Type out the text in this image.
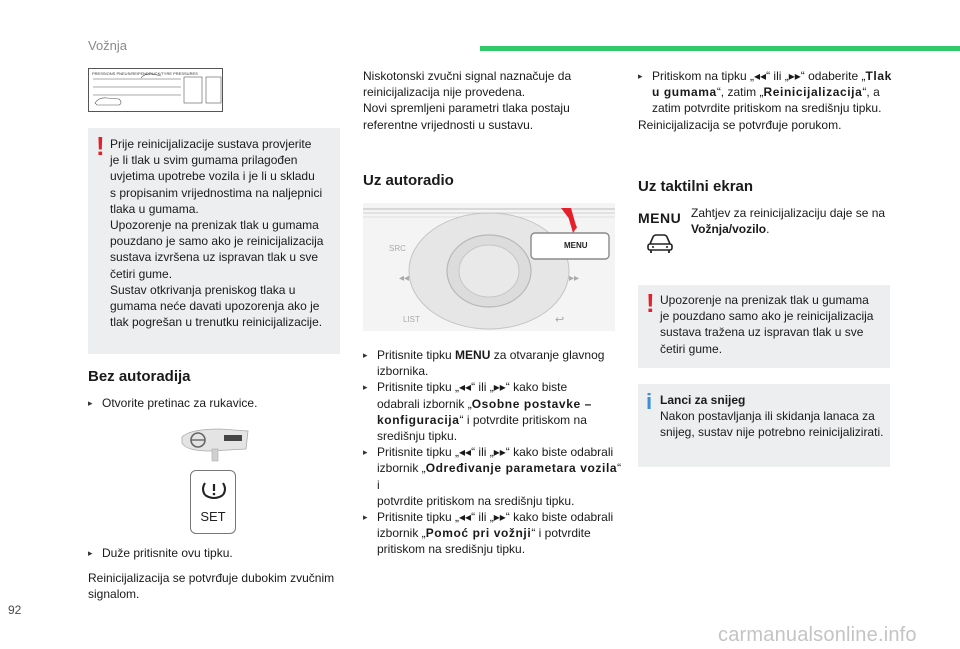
Vožnja
PRESSIONS PNEUS/REIFENDRUCK/TYRE PRESSURES
! Prije reinicijalizacije sustava provjerite
je li tlak u svim gumama prilagođen
uvjetima upotrebe vozila i je li u skladu
s propisanim vrijednostima na naljepnici
tlaka u gumama.
Upozorenje na prenizak tlak u gumama
pouzdano je samo ako je reinicijalizacija
sustava izvršena uz ispravan tlak u sve
četiri gume.
Sustav otkrivanja preniskog tlaka u
gumama neće davati upozorenja ako je
tlak pogrešan u trenutku reinicijalizacije.
Bez autoradija
▸ Otvorite pretinac za rukavice.
SET
▸ Duže pritisnite ovu tipku.
Reinicijalizacija se potvrđuje dubokim zvučnim
signalom.
Niskotonski zvučni signal naznačuje da
reinicijalizacija nije provedena.
Novi spremljeni parametri tlaka postaju
referentne vrijednosti u sustavu.
Uz autoradio
◂◂	▸▸
↩
MENU
SRC
LIST
▸ Pritisnite tipku MENU za otvaranje glavnog
izbornika.
▸ Pritisnite tipku „◂◂“ ili „▸▸“ kako biste
odabrali izbornik „Osobne postavke –
konfiguracija“ i potvrdite pritiskom na
središnju tipku.
▸ Pritisnite tipku „◂◂“ ili „▸▸“ kako biste odabrali
izbornik „Određivanje parametara vozila“ i
potvrdite pritiskom na središnju tipku.
▸ Pritisnite tipku „◂◂“ ili „▸▸“ kako biste odabrali
izbornik „Pomoć pri vožnji“ i potvrdite
pritiskom na središnju tipku.
▸ Pritiskom na tipku „◂◂“ ili „▸▸“ odaberite „Tlak
u gumama“, zatim „Reinicijalizacija“, a
zatim potvrdite pritiskom na središnju tipku.
Reinicijalizacija se potvrđuje porukom.
Uz taktilni ekran
MENU Zahtjev za reinicijalizaciju daje se na
Vožnja/vozilo.
! Upozorenje na prenizak tlak u gumama
je pouzdano samo ako je reinicijalizacija
sustava tražena uz ispravan tlak u sve
četiri gume.
i Lanci za snijeg
Nakon postavljanja ili skidanja lanaca za
snijeg, sustav nije potrebno reinicijalizirati.
92
carmanualsonline.info
